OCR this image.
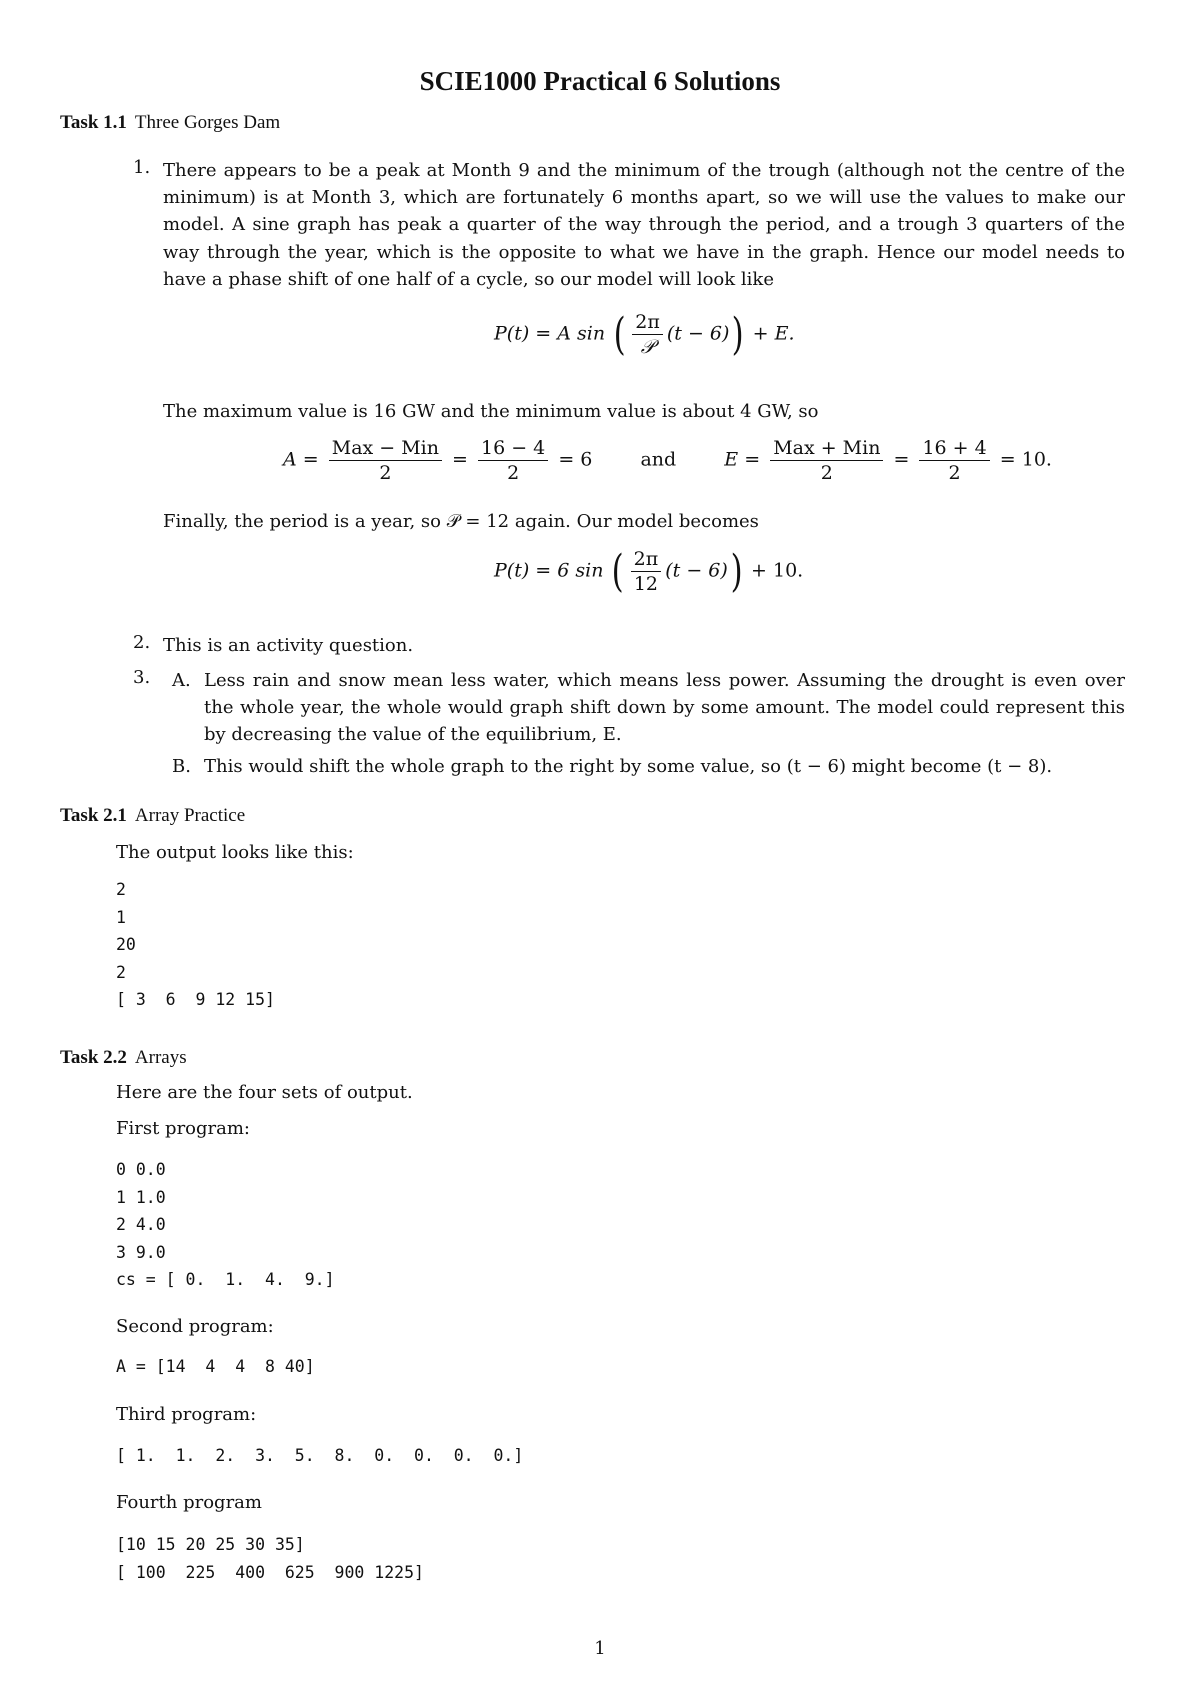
SCIE1000 Practical 6 Solutions
Task 1.1 Three Gorges Dam
1. There appears to be a peak at Month 9 and the minimum of the trough (although not the centre of the minimum) is at Month 3, which are fortunately 6 months apart, so we will use the values to make our model. A sine graph has peak a quarter of the way through the period, and a trough 3 quarters of the way through the year, which is the opposite to what we have in the graph. Hence our model needs to have a phase shift of one half of a cycle, so our model will look like
P(t) = A sin ( $\frac{2\pi}{\text{𝒫}} (t - 6)) + E$.
The maximum value is 16 GW and the minimum value is about 4 GW, so
$A = \frac{\text{Max − Min}}{2} = \frac{16 - 4}{2} = 6$	and	$E = \frac{\text{Max + Min}}{2} = \frac{16 + 4}{2} = 10$.
Finally, the period is a year, so 𝒫 = 12 again. Our model becomes
P(t) = 6 sin ( $\frac{2\pi}{12} (t - 6)) + 10$.
2. This is an activity question.
3. A. Less rain and snow mean less water, which means less power. Assuming the drought is even over the whole year, the whole would graph shift down by some amount. The model could represent this by decreasing the value of the equilibrium, E.
B. This would shift the whole graph to the right by some value, so (t − 6) might become (t − 8).
Task 2.1 Array Practice
The output looks like this:
2
1
20
2
[ 3  6  9 12 15]
Task 2.2 Arrays
Here are the four sets of output.
First program:
0 0.0
1 1.0
2 4.0
3 9.0
cs = [ 0.  1.  4.  9.]
Second program:
A = [14  4  4  8 40]
Third program:
[ 1.  1.  2.  3.  5.  8.  0.  0.  0.  0.]
Fourth program
[10 15 20 25 30 35]
[ 100  225  400  625  900 1225]
1
